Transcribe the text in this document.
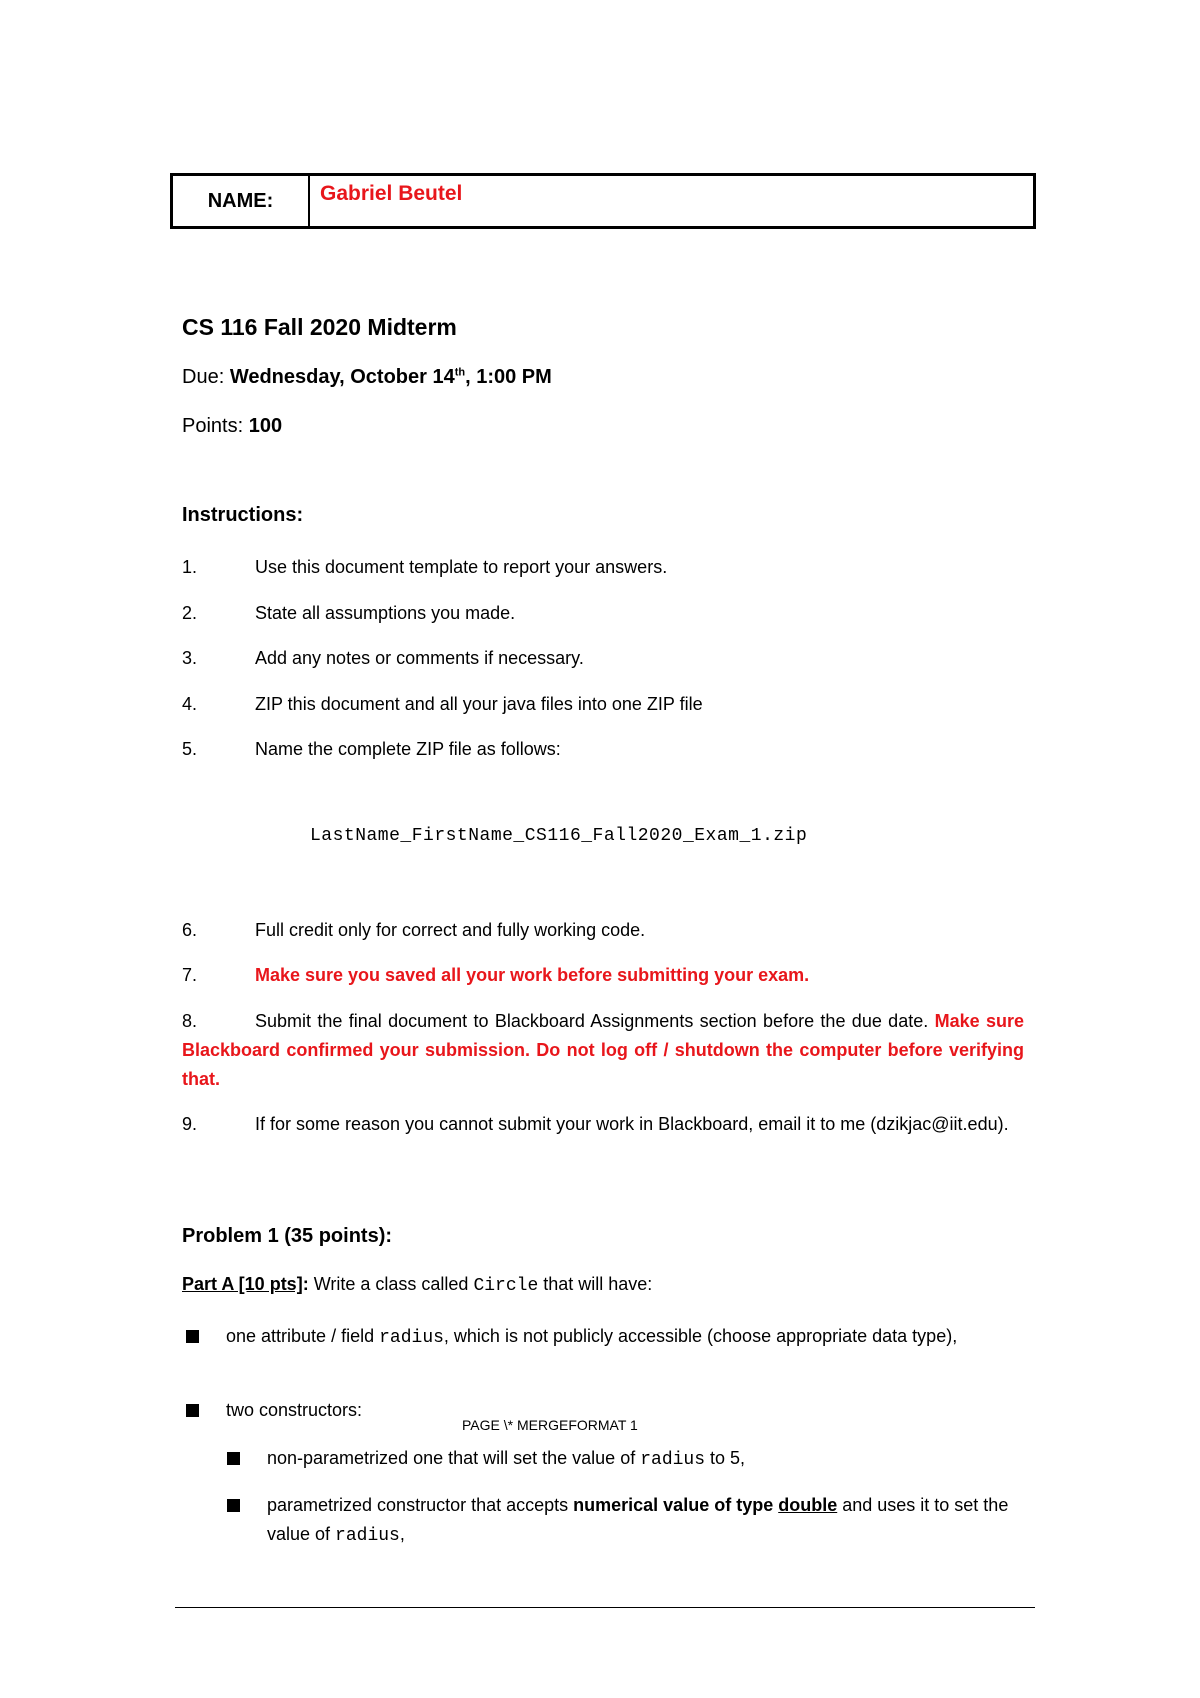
NAME:	Gabriel Beutel
CS 116 Fall 2020 Midterm
Due: Wednesday, October 14th, 1:00 PM
Points: 100
Instructions:
1.	Use this document template to report your answers.
2.	State all assumptions you made.
3.	Add any notes or comments if necessary.
4.	ZIP this document and all your java files into one ZIP file
5.	Name the complete ZIP file as follows:
LastName_FirstName_CS116_Fall2020_Exam_1.zip
6.	Full credit only for correct and fully working code.
7.	Make sure you saved all your work before submitting your exam.
8.	Submit the final document to Blackboard Assignments section before the due date. Make sure Blackboard confirmed your submission. Do not log off / shutdown the computer before verifying that.
9.	If for some reason you cannot submit your work in Blackboard, email it to me (dzikjac@iit.edu).
Problem 1 (35 points):
Part A [10 pts]: Write a class called Circle that will have:
one attribute / field radius, which is not publicly accessible (choose appropriate data type),
two constructors:
PAGE \* MERGEFORMAT 1
non-parametrized one that will set the value of radius to 5,
parametrized constructor that accepts numerical value of type double and uses it to set the value of radius,
